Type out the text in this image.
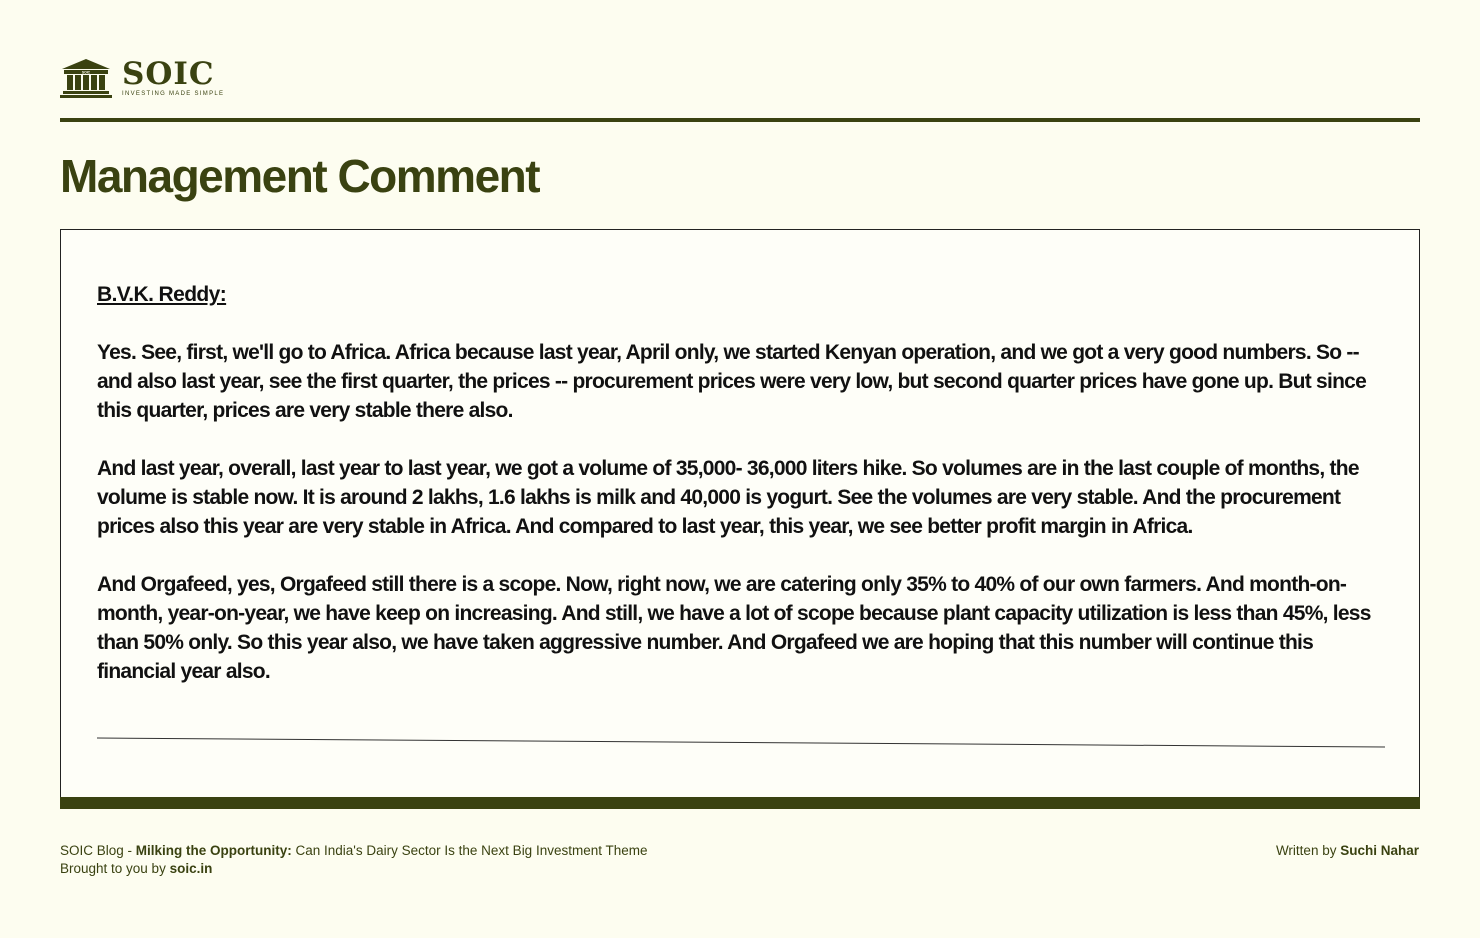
SOIC SOIC
INVESTING MADE SIMPLE
Management Comment
B.V.K. Reddy:

Yes. See, first, we'll go to Africa. Africa because last year, April only, we started Kenyan operation, and we got a very good numbers. So -- and also last year, see the first quarter, the prices -- procurement prices were very low, but second quarter prices have gone up. But since this quarter, prices are very stable there also.

And last year, overall, last year to last year, we got a volume of 35,000- 36,000 liters hike. So volumes are in the last couple of months, the volume is stable now. It is around 2 lakhs, 1.6 lakhs is milk and 40,000 is yogurt. See the volumes are very stable. And the procurement prices also this year are very stable in Africa. And compared to last year, this year, we see better profit margin in Africa.

And Orgafeed, yes, Orgafeed still there is a scope. Now, right now, we are catering only 35% to 40% of our own farmers. And month-on-month, year-on-year, we have keep on increasing. And still, we have a lot of scope because plant capacity utilization is less than 45%, less than 50% only. So this year also, we have taken aggressive number. And Orgafeed we are hoping that this number will continue this financial year also.

SOIC Blog - Milking the Opportunity: Can India's Dairy Sector Is the Next Big Investment Theme
Brought to you by soic.in
Written by Suchi Nahar
